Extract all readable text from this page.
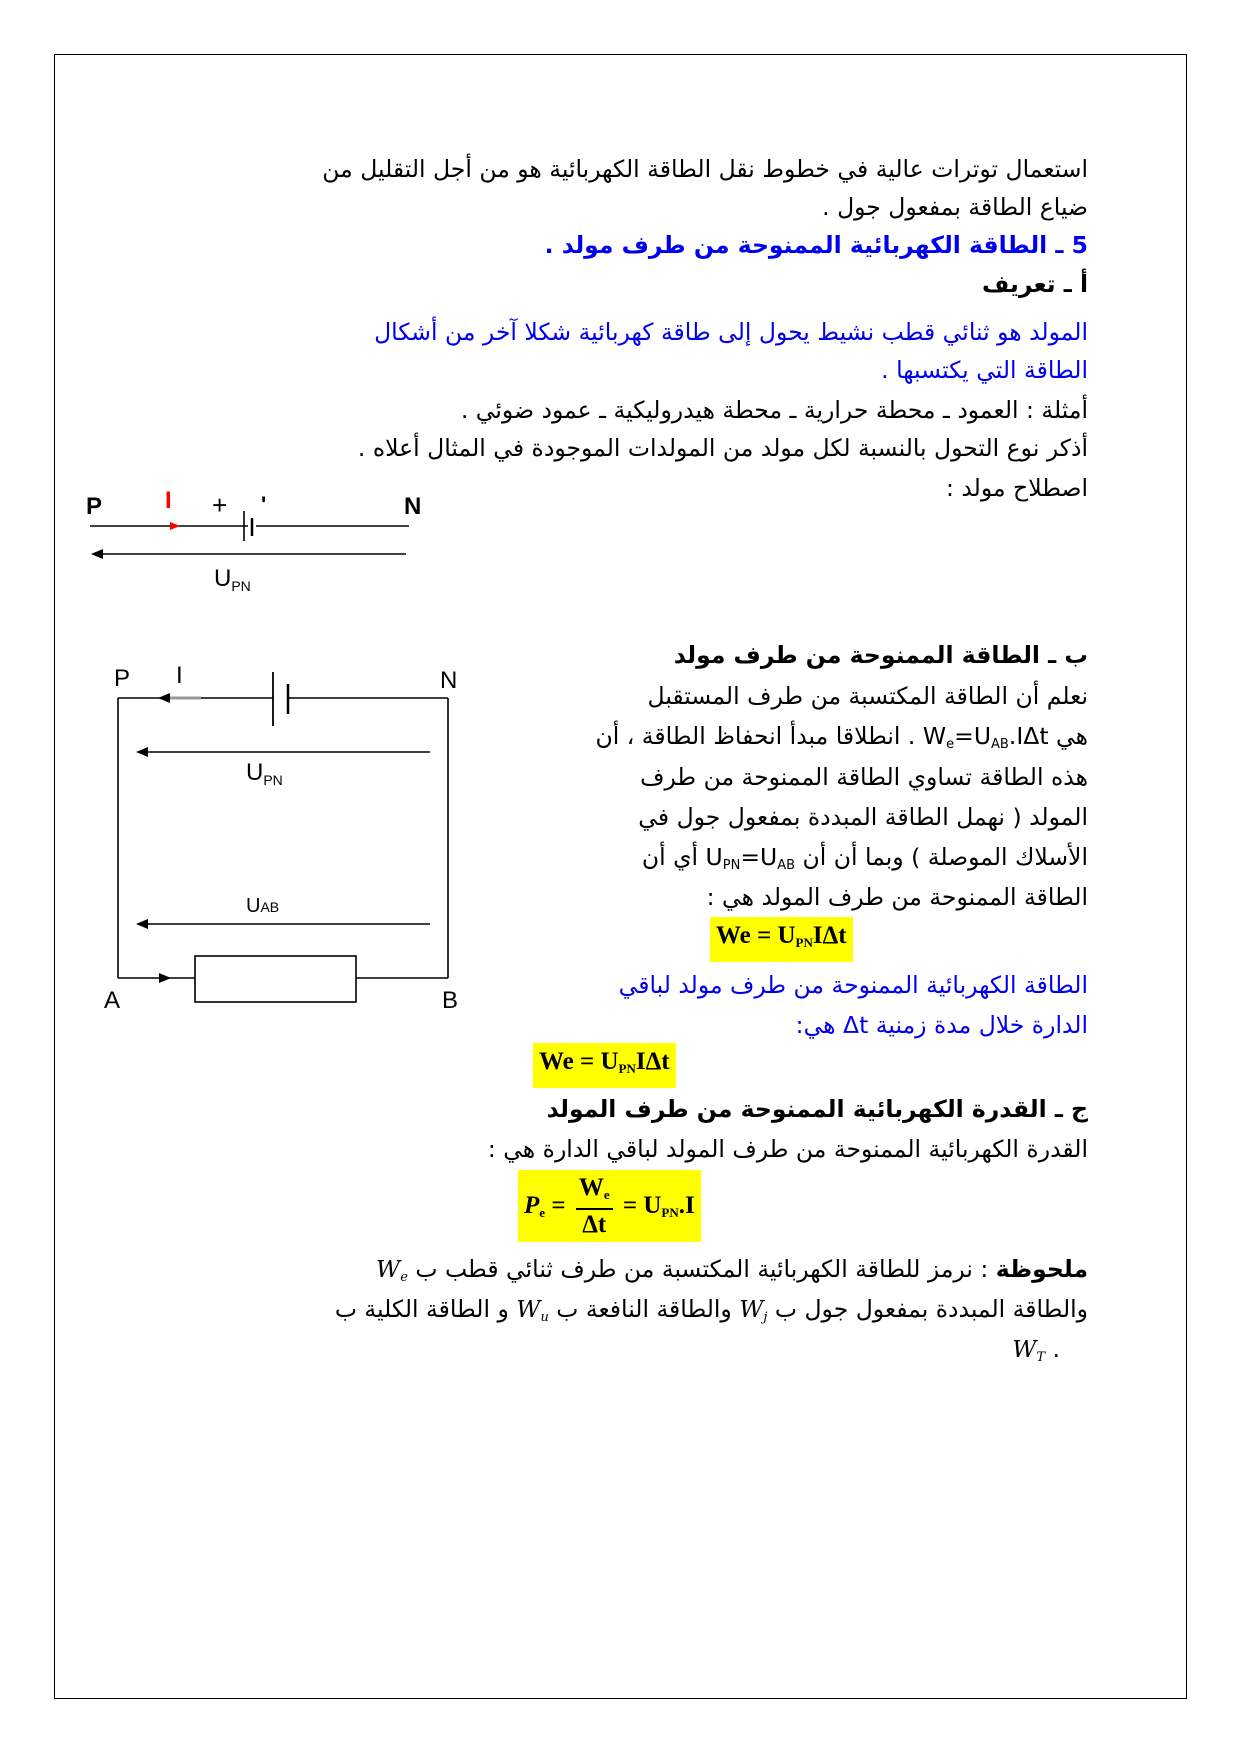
استعمال توترات عالية في خطوط نقل الطاقة الكهربائية هو من أجل التقليل من
ضياع الطاقة بمفعول جول .
5 ـ الطاقة الكهربائية الممنوحة من طرف مولد .
أ ـ تعريف
المولد هو ثنائي قطب نشيط يحول إلى طاقة كهربائية شكلا آخر من أشكال
الطاقة التي يكتسبها .
أمثلة : العمود ـ محطة حرارية ـ محطة هيدروليكية ـ عمود ضوئي .
أذكر نوع التحول بالنسبة لكل مولد من المولدات الموجودة في المثال أعلاه .
اصطلاح مولد :
P	I + '	N
$U_{PN}$
ب ـ الطاقة الممنوحة من طرف مولد
نعلم أن الطاقة المكتسبة من طرف المستقبل
هي $W_e=U_{AB}.I\Delta t$ . انطلاقا مبدأ انحفاظ الطاقة ، أن
هذه الطاقة تساوي الطاقة الممنوحة من طرف
المولد ( نهمل الطاقة المبددة بمفعول جول في
الأسلاك الموصلة ) وبما أن أن $U_{PN}=U_{AB}$ أي أن
الطاقة الممنوحة من طرف المولد هي :
$We = U_{PN}I\Delta t$
الطاقة الكهربائية الممنوحة من طرف مولد لباقي
الدارة خلال مدة زمنية Δt هي:
$We = U_{PN}I\Delta t$
P I	N
$U_{PN}$
UAB
A	B
ج ـ القدرة الكهربائية الممنوحة من طرف المولد
القدرة الكهربائية الممنوحة من طرف المولد لباقي الدارة هي :
$P_e = \frac{W_e}{\Delta t} = U_{PN}.I$
ملحوظة : نرمز للطاقة الكهربائية المكتسبة من طرف ثنائي قطب ب $W_e$
والطاقة المبددة بمفعول جول ب $W_j$ والطاقة النافعة ب $W_u$ و الطاقة الكلية ب
. $W_T$
